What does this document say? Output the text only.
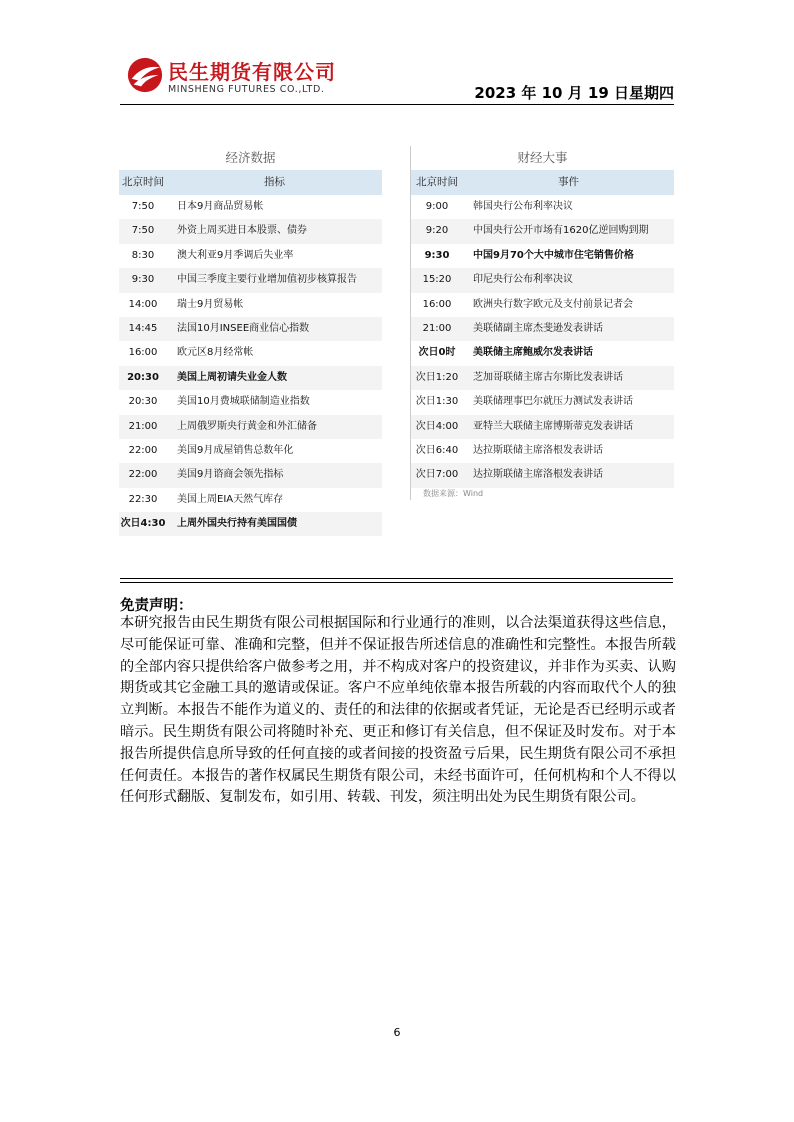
民生期货有限公司
MINSHENG FUTURES CO.,LTD.	2023 年 10 月 19 日星期四
经济数据
北京时间	指标
7:50	日本9月商品贸易帐
7:50	外资上周买进日本股票、债券
8:30	澳大利亚9月季调后失业率
9:30	中国三季度主要行业增加值初步核算报告
14:00	瑞士9月贸易帐
14:45	法国10月INSEE商业信心指数
16:00	欧元区8月经常帐
20:30	美国上周初请失业金人数
20:30	美国10月费城联储制造业指数
21:00	上周俄罗斯央行黄金和外汇储备
22:00	美国9月成屋销售总数年化
22:00	美国9月谘商会领先指标
22:30	美国上周EIA天然气库存
次日4:30	上周外国央行持有美国国债
财经大事
北京时间	事件
9:00	韩国央行公布利率决议
9:20	中国央行公开市场有1620亿逆回购到期
9:30	中国9月70个大中城市住宅销售价格
15:20	印尼央行公布利率决议
16:00	欧洲央行数字欧元及支付前景记者会
21:00	美联储副主席杰斐逊发表讲话
次日0时	美联储主席鲍威尔发表讲话
次日1:20	芝加哥联储主席古尔斯比发表讲话
次日1:30	美联储理事巴尔就压力测试发表讲话
次日4:00	亚特兰大联储主席博斯蒂克发表讲话
次日6:40	达拉斯联储主席洛根发表讲话
次日7:00	达拉斯联储主席洛根发表讲话
数据来源：Wind
免责声明：
本研究报告由民生期货有限公司根据国际和行业通行的准则，以合法渠道获得这些信息，尽可能保证可靠、准确和完整，但并不保证报告所述信息的准确性和完整性。本报告所载的全部内容只提供给客户做参考之用，并不构成对客户的投资建议，并非作为买卖、认购期货或其它金融工具的邀请或保证。客户不应单纯依靠本报告所载的内容而取代个人的独立判断。本报告不能作为道义的、责任的和法律的依据或者凭证，无论是否已经明示或者暗示。民生期货有限公司将随时补充、更正和修订有关信息，但不保证及时发布。对于本报告所提供信息所导致的任何直接的或者间接的投资盈亏后果，民生期货有限公司不承担任何责任。本报告的著作权属民生期货有限公司，未经书面许可，任何机构和个人不得以任何形式翻版、复制发布，如引用、转载、刊发，须注明出处为民生期货有限公司。
6
